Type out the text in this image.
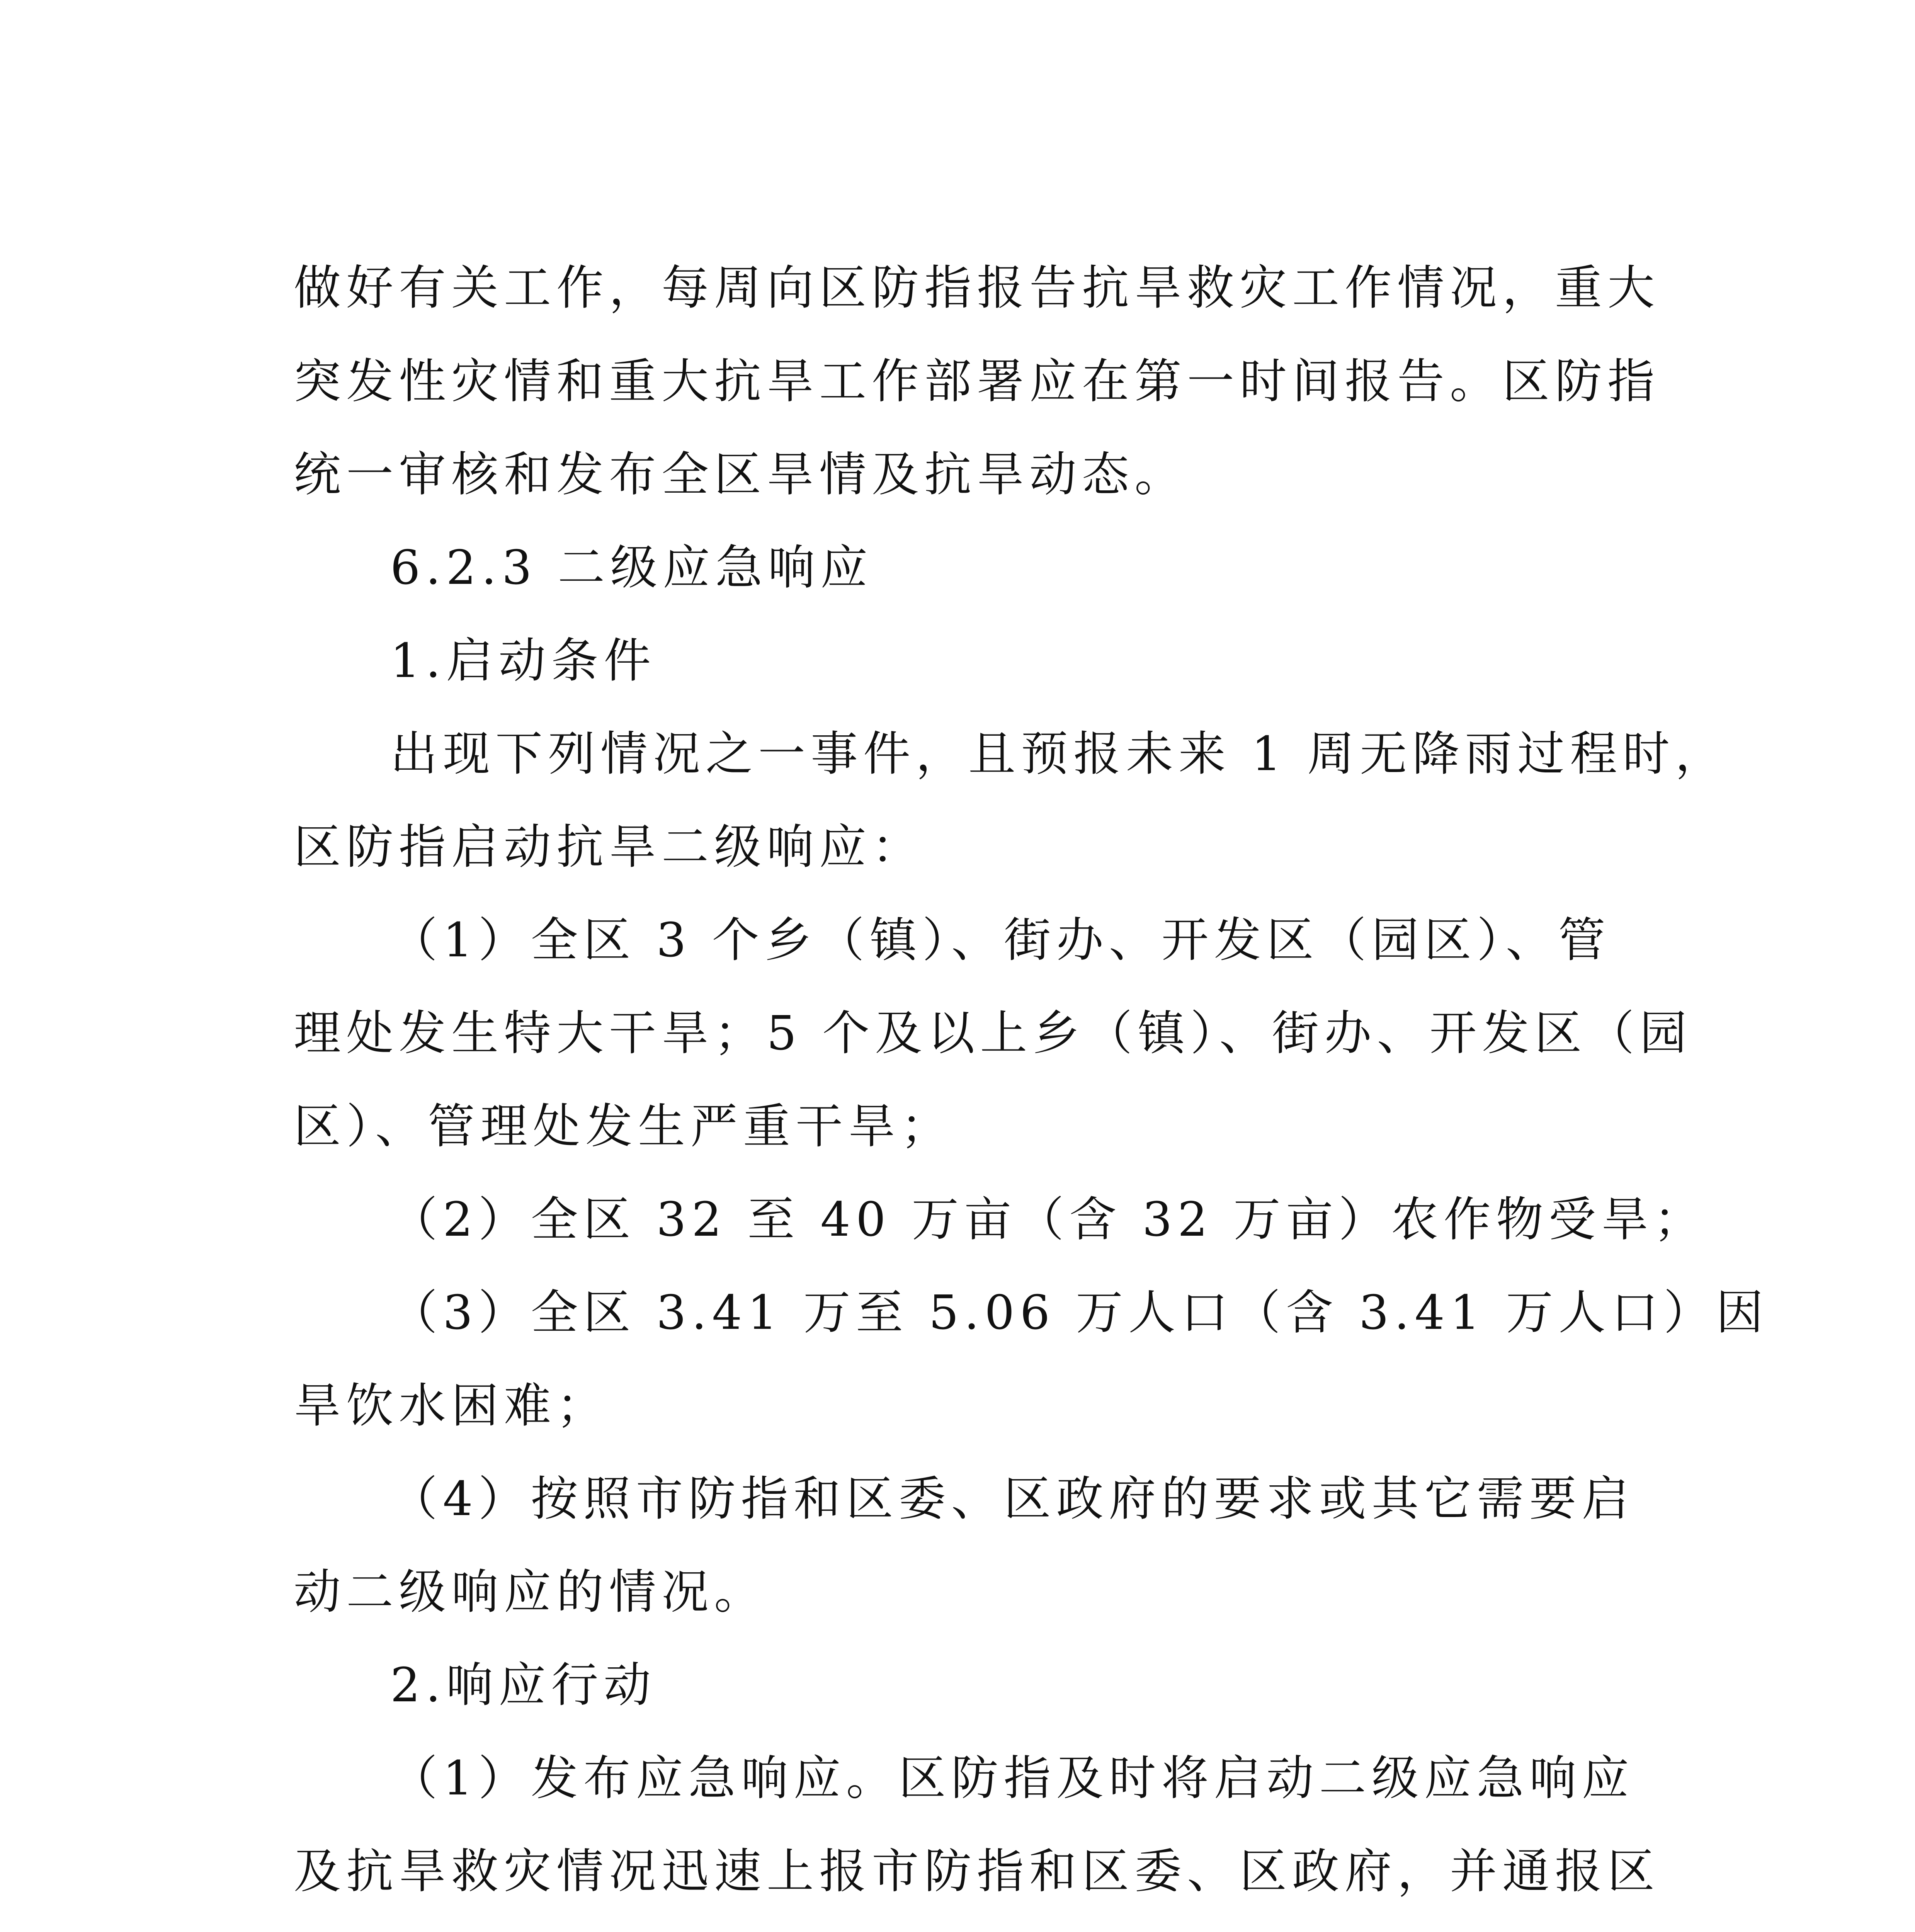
做好有关工作，每周向区防指报告抗旱救灾工作情况，重大
突发性灾情和重大抗旱工作部署应在第一时间报告。区防指
统一审核和发布全区旱情及抗旱动态。
6.2.3 二级应急响应
1.启动条件
出现下列情况之一事件，且预报未来 1 周无降雨过程时，
区防指启动抗旱二级响应：
（1）全区 3 个乡（镇）、街办、开发区（园区）、管
理处发生特大干旱；5 个及以上乡（镇）、街办、开发区（园
区）、管理处发生严重干旱；
（2）全区 32 至 40 万亩（含 32 万亩）农作物受旱；
（3）全区 3.41 万至 5.06 万人口（含 3.41 万人口）因
旱饮水困难；
（4）按照市防指和区委、区政府的要求或其它需要启
动二级响应的情况。
2.响应行动
（1）发布应急响应。区防指及时将启动二级应急响应
及抗旱救灾情况迅速上报市防指和区委、区政府，并通报区
